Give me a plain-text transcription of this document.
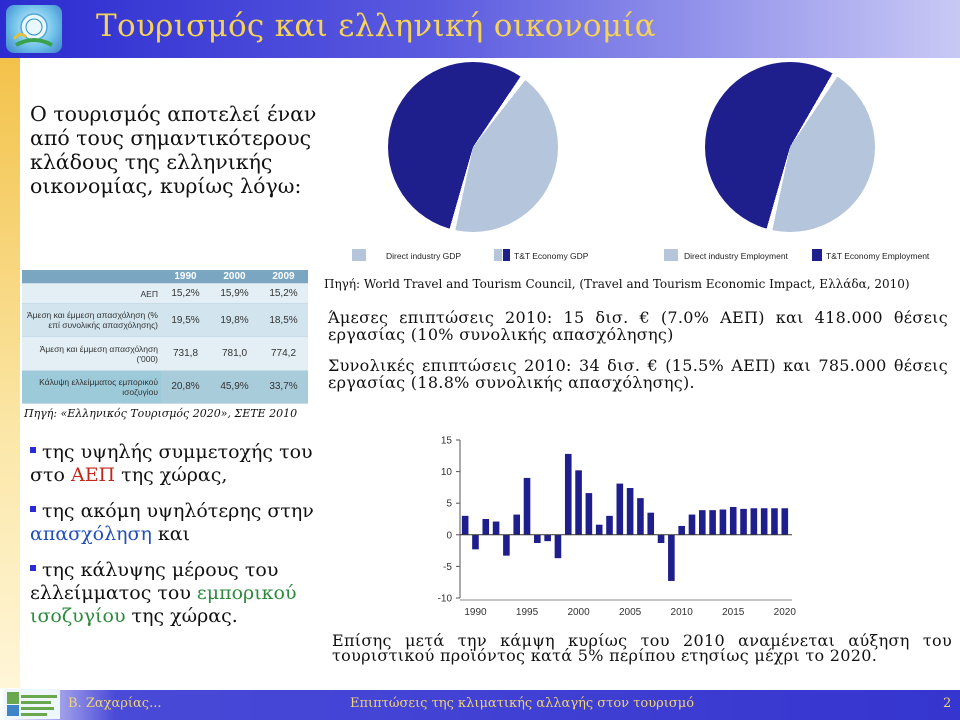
Τουρισμός και ελληνική οικονομία
Ο τουρισμός αποτελεί έναν από τους σημαντικότερους κλάδους της ελληνικής οικονομίας, κυρίως λόγω:
	1990	2000	2009
ΑΕΠ	15,2%	15,9%	15,2%
Άμεση και έμμεση απασχόληση (% επί συνολικής απασχόλησης)	19,5%	19,8%	18,5%
Άμεση και έμμεση απασχόληση ('000)	731,8	781,0	774,2
Κάλυψη ελλείμματος εμπορικού ισοζυγίου	20,8%	45,9%	33,7%
Πηγή: «Ελληνικός Τουρισμός 2020», ΣΕΤΕ 2010
της υψηλής συμμετοχής του στο ΑΕΠ της χώρας,
της ακόμη υψηλότερης στην απασχόληση και
της κάλυψης μέρους του ελλείμματος του εμπορικού ισοζυγίου της χώρας.
Direct industry GDP	T&T Economy GDP	Direct industry Employment	T&T Economy Employment
Πηγή: World Travel and Tourism Council, (Travel and Tourism Economic Impact, Ελλάδα, 2010)
Άμεσες επιπτώσεις 2010: 15 δισ. € (7.0% ΑΕΠ) και 418.000 θέσεις εργασίας (10% συνολικής απασχόλησης)
Συνολικές επιπτώσεις 2010: 34 δισ. € (15.5% ΑΕΠ) και 785.000 θέσεις εργασίας (18.8% συνολικής απασχόλησης).
15
10
5
0
-5
-10
1990	1995	2000	2005	2010	2015	2020
Επίσης μετά την κάμψη κυρίως του 2010 αναμένεται αύξηση του τουριστικού προϊόντος κατά 5% περίπου ετησίως μέχρι το 2020.
Β. Ζαχαρίας...	Επιπτώσεις της κλιματικής αλλαγής στον τουρισμό	2
